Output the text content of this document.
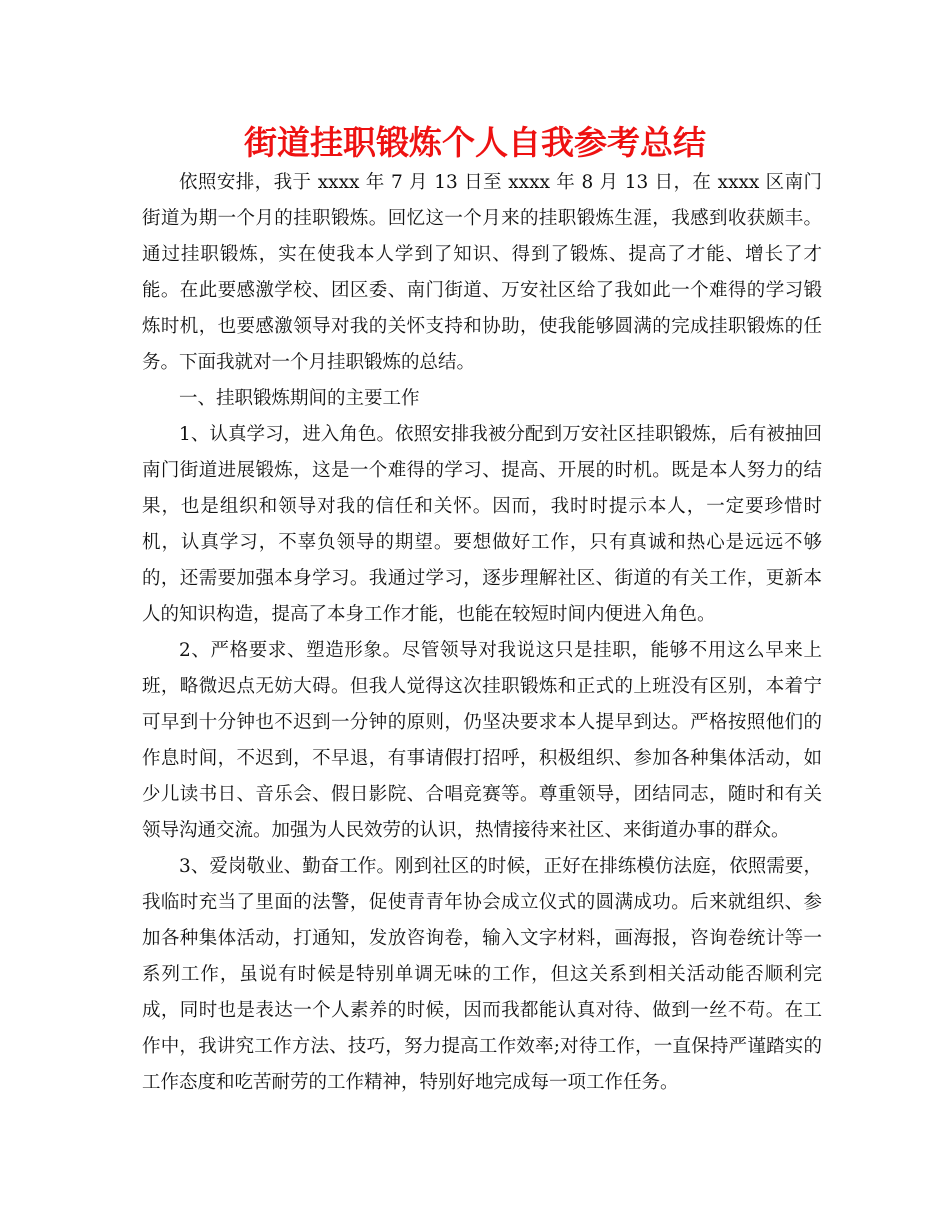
街道挂职锻炼个人自我参考总结

依照安排，我于 xxxx 年 7 月 13 日至 xxxx 年 8 月 13 日，在 xxxx 区南门街道为期一个月的挂职锻炼。回忆这一个月来的挂职锻炼生涯，我感到收获颇丰。通过挂职锻炼，实在使我本人学到了知识、得到了锻炼、提高了才能、增长了才能。在此要感激学校、团区委、南门街道、万安社区给了我如此一个难得的学习锻炼时机，也要感激领导对我的关怀支持和协助，使我能够圆满的完成挂职锻炼的任务。下面我就对一个月挂职锻炼的总结。

一、挂职锻炼期间的主要工作

1、认真学习，进入角色。依照安排我被分配到万安社区挂职锻炼，后有被抽回南门街道进展锻炼，这是一个难得的学习、提高、开展的时机。既是本人努力的结果，也是组织和领导对我的信任和关怀。因而，我时时提示本人，一定要珍惜时机，认真学习，不辜负领导的期望。要想做好工作，只有真诚和热心是远远不够的，还需要加强本身学习。我通过学习，逐步理解社区、街道的有关工作，更新本人的知识构造，提高了本身工作才能，也能在较短时间内便进入角色。

2、严格要求、塑造形象。尽管领导对我说这只是挂职，能够不用这么早来上班，略微迟点无妨大碍。但我人觉得这次挂职锻炼和正式的上班没有区别，本着宁可早到十分钟也不迟到一分钟的原则，仍坚决要求本人提早到达。严格按照他们的作息时间，不迟到，不早退，有事请假打招呼，积极组织、参加各种集体活动，如少儿读书日、音乐会、假日影院、合唱竞赛等。尊重领导，团结同志，随时和有关领导沟通交流。加强为人民效劳的认识，热情接待来社区、来街道办事的群众。

3、爱岗敬业、勤奋工作。刚到社区的时候，正好在排练模仿法庭，依照需要，我临时充当了里面的法警，促使青青年协会成立仪式的圆满成功。后来就组织、参加各种集体活动，打通知，发放咨询卷，输入文字材料，画海报，咨询卷统计等一系列工作，虽说有时候是特别单调无味的工作，但这关系到相关活动能否顺利完成，同时也是表达一个人素养的时候，因而我都能认真对待、做到一丝不苟。在工作中，我讲究工作方法、技巧，努力提高工作效率;对待工作，一直保持严谨踏实的工作态度和吃苦耐劳的工作精神，特别好地完成每一项工作任务。
